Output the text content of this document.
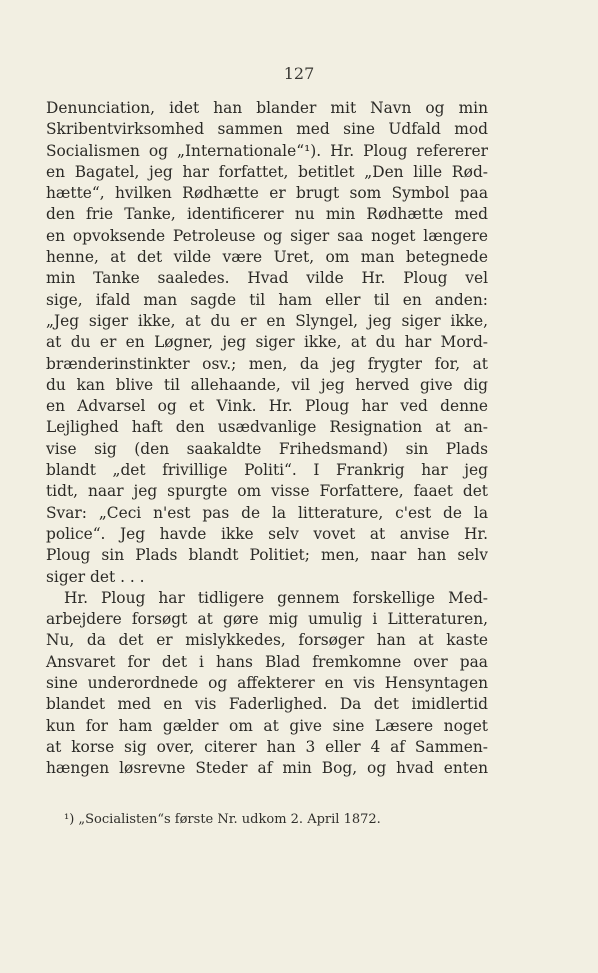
127
Denunciation, idet han blander mit Navn og min
Skribentvirksomhed sammen med sine Udfald mod
Socialismen og „Internationale“¹). Hr. Ploug refererer
en Bagatel, jeg har forfattet, betitlet „Den lille Rød-
hætte“, hvilken Rødhætte er brugt som Symbol paa
den frie Tanke, identificerer nu min Rødhætte med
en opvoksende Petroleuse og siger saa noget længere
henne, at det vilde være Uret, om man betegnede
min Tanke saaledes. Hvad vilde Hr. Ploug vel
sige, ifald man sagde til ham eller til en anden:
„Jeg siger ikke, at du er en Slyngel, jeg siger ikke,
at du er en Løgner, jeg siger ikke, at du har Mord-
brænderinstinkter osv.; men, da jeg frygter for, at
du kan blive til allehaande, vil jeg herved give dig
en Advarsel og et Vink. Hr. Ploug har ved denne
Lejlighed haft den usædvanlige Resignation at an-
vise sig (den saakaldte Frihedsmand) sin Plads
blandt „det frivillige Politi“. I Frankrig har jeg
tidt, naar jeg spurgte om visse Forfattere, faaet det
Svar: „Ceci n'est pas de la litterature, c'est de la
police“. Jeg havde ikke selv vovet at anvise Hr.
Ploug sin Plads blandt Politiet; men, naar han selv
siger det . . .
Hr. Ploug har tidligere gennem forskellige Med-
arbejdere forsøgt at gøre mig umulig i Litteraturen,
Nu, da det er mislykkedes, forsøger han at kaste
Ansvaret for det i hans Blad fremkomne over paa
sine underordnede og affekterer en vis Hensyntagen
blandet med en vis Faderlighed. Da det imidlertid
kun for ham gælder om at give sine Læsere noget
at korse sig over, citerer han 3 eller 4 af Sammen-
hængen løsrevne Steder af min Bog, og hvad enten
¹) „Socialisten“s første Nr. udkom 2. April 1872.
